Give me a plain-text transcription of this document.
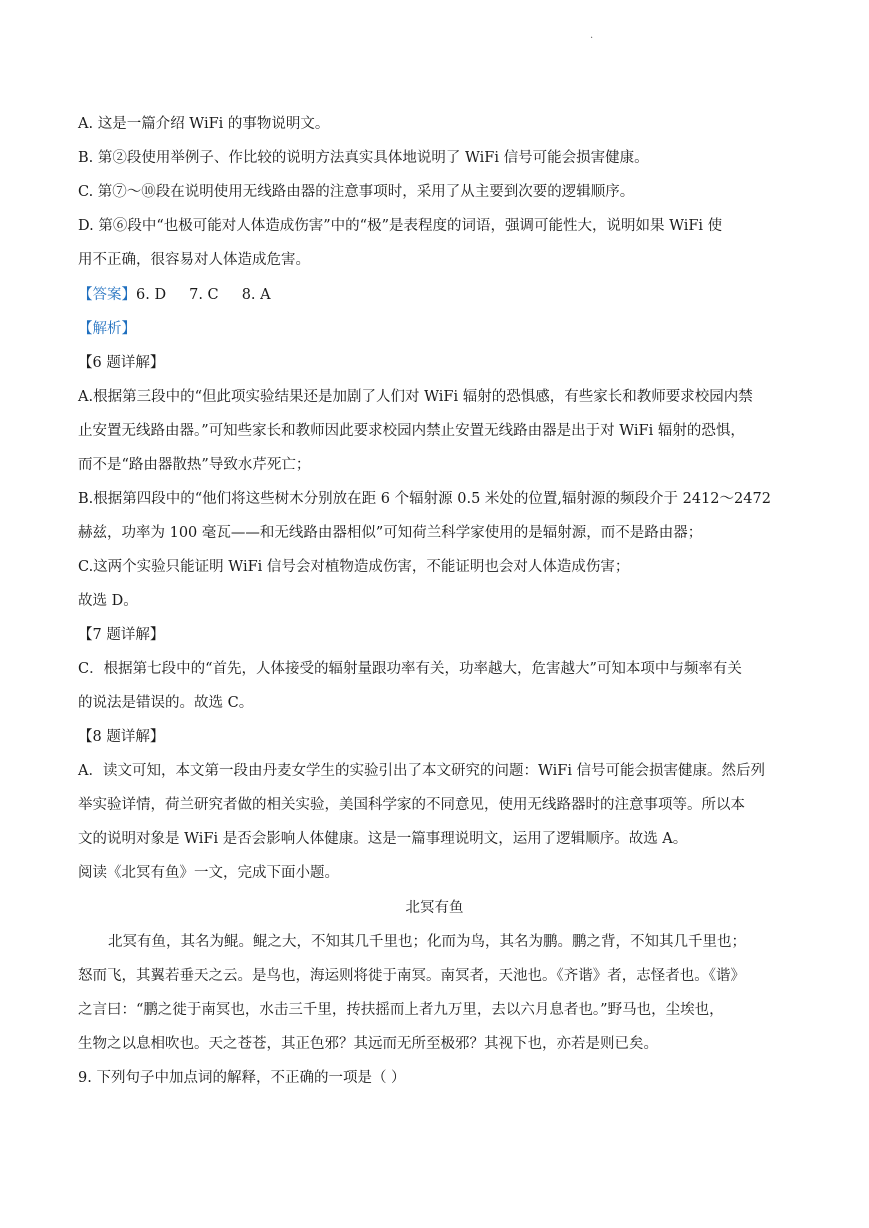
.
A. 这是一篇介绍 WiFi 的事物说明文。
B. 第②段使用举例子、作比较的说明方法真实具体地说明了 WiFi 信号可能会损害健康。
C. 第⑦～⑩段在说明使用无线路由器的注意事项时，采用了从主要到次要的逻辑顺序。
D. 第⑥段中“也极可能对人体造成伤害”中的“极”是表程度的词语，强调可能性大，说明如果 WiFi 使
用不正确，很容易对人体造成危害。
【答案】6. D     7. C     8. A
【解析】
【6 题详解】
A.根据第三段中的“但此项实验结果还是加剧了人们对 WiFi 辐射的恐惧感，有些家长和教师要求校园内禁
止安置无线路由器。”可知些家长和教师因此要求校园内禁止安置无线路由器是出于对 WiFi 辐射的恐惧，
而不是“路由器散热”导致水芹死亡；
B.根据第四段中的“他们将这些树木分别放在距 6 个辐射源 0.5 米处的位置,辐射源的频段介于 2412～2472
赫兹，功率为 100 毫瓦——和无线路由器相似”可知荷兰科学家使用的是辐射源，而不是路由器；
C.这两个实验只能证明 WiFi 信号会对植物造成伤害，不能证明也会对人体造成伤害；
故选 D。
【7 题详解】
C．根据第七段中的“首先，人体接受的辐射量跟功率有关，功率越大，危害越大”可知本项中与频率有关
的说法是错误的。故选 C。
【8 题详解】
A．读文可知，本文第一段由丹麦女学生的实验引出了本文研究的问题：WiFi 信号可能会损害健康。然后列
举实验详情，荷兰研究者做的相关实验，美国科学家的不同意见，使用无线路器时的注意事项等。所以本
文的说明对象是 WiFi 是否会影响人体健康。这是一篇事理说明文，运用了逻辑顺序。故选 A。
阅读《北冥有鱼》一文，完成下面小题。
北冥有鱼
北冥有鱼，其名为鲲。鲲之大，不知其几千里也；化而为鸟，其名为鹏。鹏之背，不知其几千里也；
怒而飞，其翼若垂天之云。是鸟也，海运则将徙于南冥。南冥者，天池也。《齐谐》者，志怪者也。《谐》
之言曰：“鹏之徙于南冥也，水击三千里，抟扶摇而上者九万里，去以六月息者也。”野马也，尘埃也，
生物之以息相吹也。天之苍苍，其正色邪？其远而无所至极邪？其视下也，亦若是则已矣。
9. 下列句子中加点词的解释，不正确的一项是（ ）
